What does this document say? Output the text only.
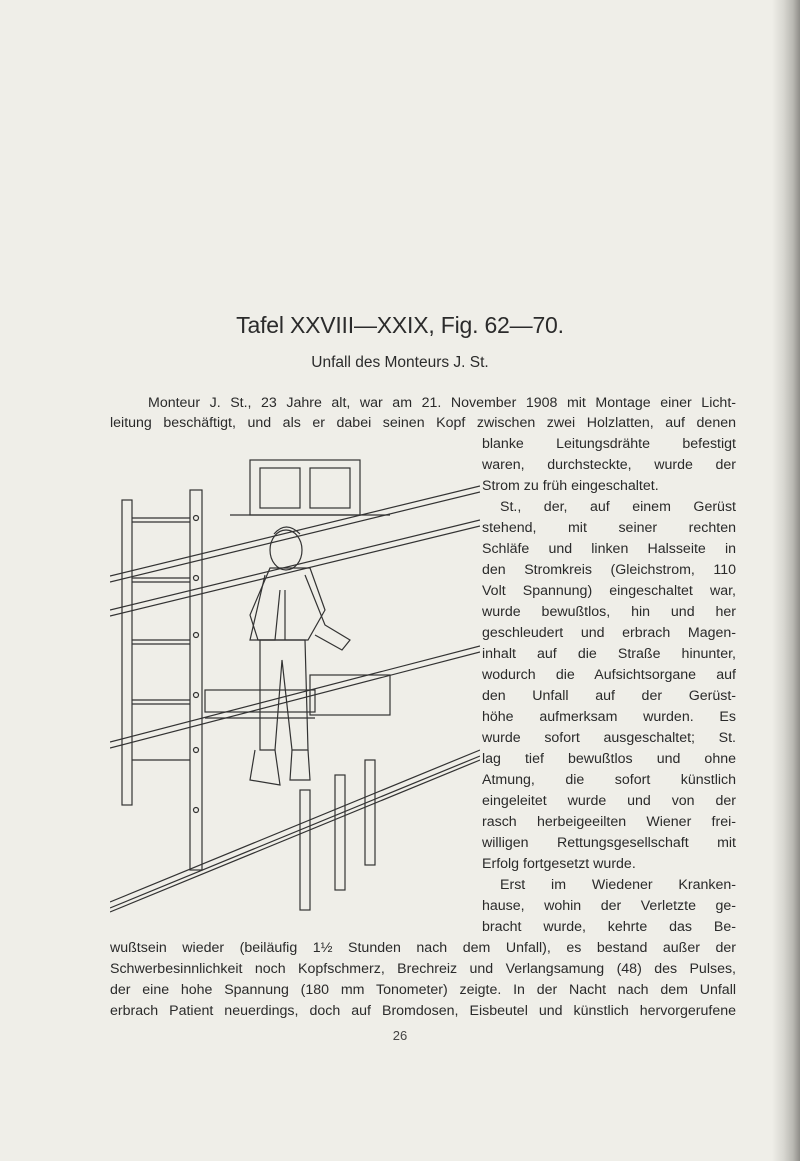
Tafel XXVIII—XXIX, Fig. 62—70.
Unfall des Monteurs J. St.
Monteur J. St., 23 Jahre alt, war am 21. November 1908 mit Montage einer Licht-
leitung beschäftigt, und als er dabei seinen Kopf zwischen zwei Holzlatten, auf denen
blanke Leitungsdrähte befestigt
waren, durchsteckte, wurde der
Strom zu früh eingeschaltet.
St., der, auf einem Gerüst
stehend, mit seiner rechten
Schläfe und linken Halsseite in
den Stromkreis (Gleichstrom, 110
Volt Spannung) eingeschaltet war,
wurde bewußtlos, hin und her
geschleudert und erbrach Magen-
inhalt auf die Straße hinunter,
wodurch die Aufsichtsorgane auf
den Unfall auf der Gerüst-
höhe aufmerksam wurden. Es
wurde sofort ausgeschaltet; St.
lag tief bewußtlos und ohne
Atmung, die sofort künstlich
eingeleitet wurde und von der
rasch herbeigeeilten Wiener frei-
willigen Rettungsgesellschaft mit
Erfolg fortgesetzt wurde.
Erst im Wiedener Kranken-
hause, wohin der Verletzte ge-
bracht wurde, kehrte das Be-
wußtsein wieder (beiläufig 1½ Stunden nach dem Unfall), es bestand außer der
Schwerbesinnlichkeit noch Kopfschmerz, Brechreiz und Verlangsamung (48) des Pulses,
der eine hohe Spannung (180 mm Tonometer) zeigte. In der Nacht nach dem Unfall
erbrach Patient neuerdings, doch auf Bromdosen, Eisbeutel und künstlich hervorgerufene
26
